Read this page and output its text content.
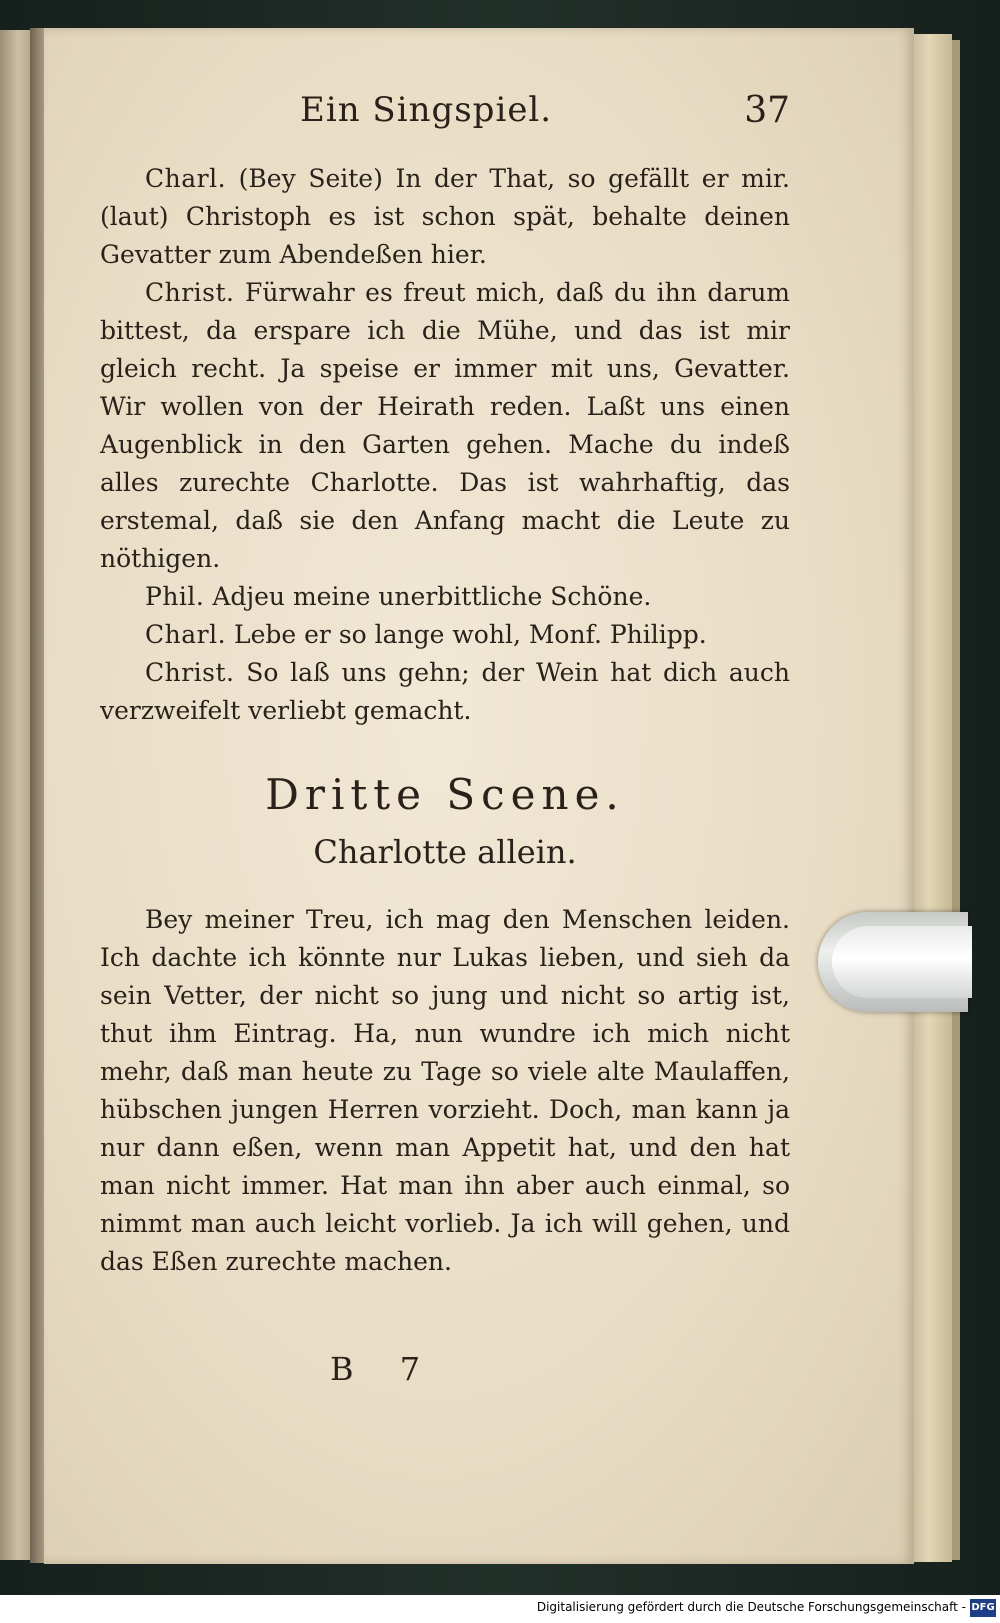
Ein Singspiel.	37

Charl. (Bey Seite) In der That, so gefällt er mir. (laut) Christoph es ist schon spät, behalte deinen Gevatter zum Abendeßen hier.

Christ. Fürwahr es freut mich, daß du ihn darum bittest, da erspare ich die Mühe, und das ist mir gleich recht. Ja speise er immer mit uns, Gevatter. Wir wollen von der Heirath reden. Laßt uns einen Augenblick in den Garten gehen. Mache du indeß alles zurechte Charlotte. Das ist wahrhaftig, das erstemal, daß sie den Anfang macht die Leute zu nöthigen.

Phil. Adjeu meine unerbittliche Schöne.

Charl. Lebe er so lange wohl, Monf. Philipp.

Christ. So laß uns gehn; der Wein hat dich auch verzweifelt verliebt gemacht.

Dritte Scene.
Charlotte allein.

Bey meiner Treu, ich mag den Menschen leiden. Ich dachte ich könnte nur Lukas lieben, und sieh da sein Vetter, der nicht so jung und nicht so artig ist, thut ihm Eintrag. Ha, nun wundre ich mich nicht mehr, daß man heute zu Tage so viele alte Maulaffen, hübschen jungen Herren vorzieht. Doch, man kann ja nur dann eßen, wenn man Appetit hat, und den hat man nicht immer. Hat man ihn aber auch einmal, so nimmt man auch leicht vorlieb. Ja ich will gehen, und das Eßen zurechte machen.

B 7
Digitalisierung gefördert durch die Deutsche Forschungsgemeinschaft - DFG
